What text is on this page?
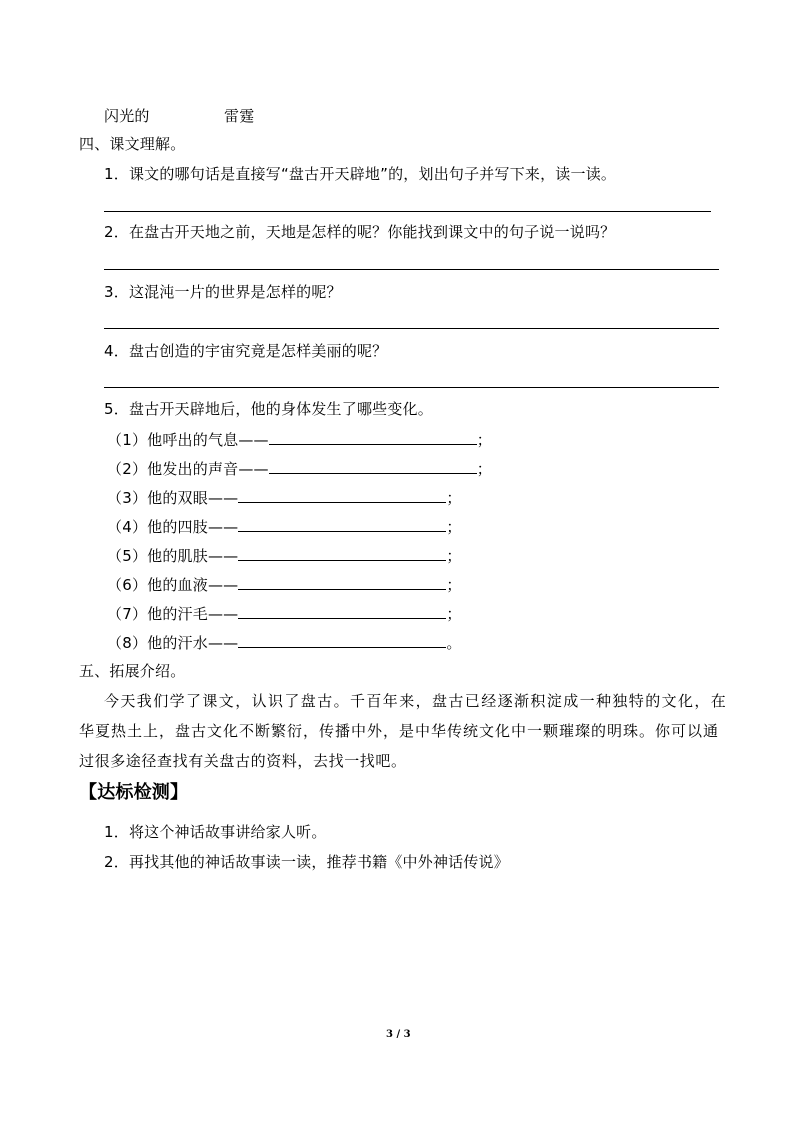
闪光的	雷霆
四、课文理解。
1．课文的哪句话是直接写“盘古开天辟地”的，划出句子并写下来，读一读。
2．在盘古开天地之前，天地是怎样的呢？你能找到课文中的句子说一说吗？
3．这混沌一片的世界是怎样的呢？
4．盘古创造的宇宙究竟是怎样美丽的呢？
5．盘古开天辟地后，他的身体发生了哪些变化。
（1）他呼出的气息——	；
（2）他发出的声音——	；
（3）他的双眼——	；
（4）他的四肢——	；
（5）他的肌肤——	；
（6）他的血液——	；
（7）他的汗毛——	；
（8）他的汗水——	。
五、拓展介绍。
今天我们学了课文，认识了盘古。千百年来，盘古已经逐渐积淀成一种独特的文化，在
华夏热土上，盘古文化不断繁衍，传播中外，是中华传统文化中一颗璀璨的明珠。你可以通
过很多途径查找有关盘古的资料，去找一找吧。
【达标检测】
1．将这个神话故事讲给家人听。
2．再找其他的神话故事读一读，推荐书籍《中外神话传说》
3 / 3
